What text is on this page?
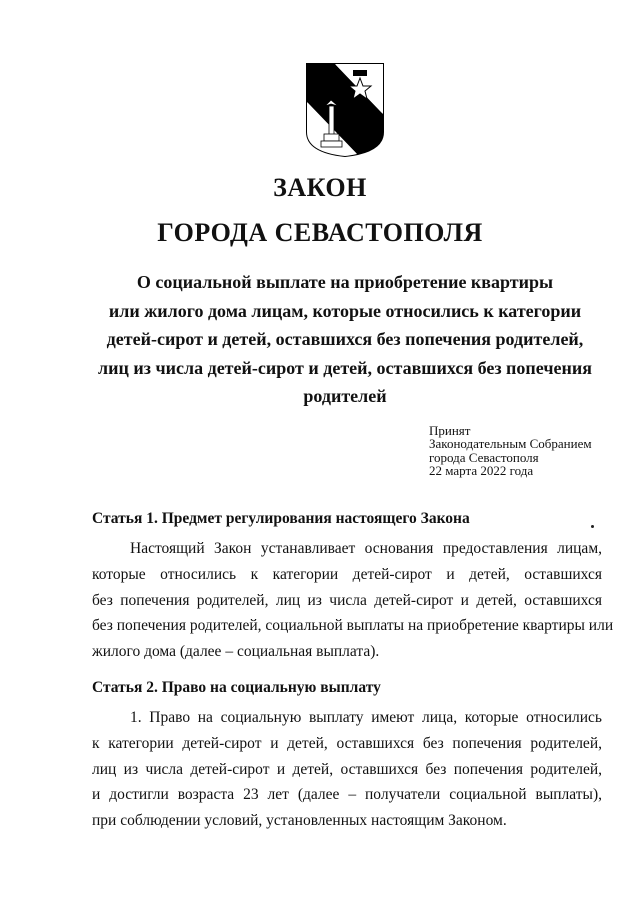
ЗАКОН
ГОРОДА СЕВАСТОПОЛЯ
О социальной выплате на приобретение квартиры
или жилого дома лицам, которые относились к категории
детей-сирот и детей, оставшихся без попечения родителей,
лиц из числа детей-сирот и детей, оставшихся без попечения
родителей
Принят
Законодательным Собранием
города Севастополя
22 марта 2022 года
Статья 1. Предмет регулирования настоящего Закона
Настоящий Закон устанавливает основания предоставления лицам,
которые относились к категории детей-сирот и детей, оставшихся
без попечения родителей, лиц из числа детей-сирот и детей, оставшихся
без попечения родителей, социальной выплаты на приобретение квартиры или
жилого дома (далее – социальная выплата).
Статья 2. Право на социальную выплату
1. Право на социальную выплату имеют лица, которые относились
к категории детей-сирот и детей, оставшихся без попечения родителей,
лиц из числа детей-сирот и детей, оставшихся без попечения родителей,
и достигли возраста 23 лет (далее – получатели социальной выплаты),
при соблюдении условий, установленных настоящим Законом.
